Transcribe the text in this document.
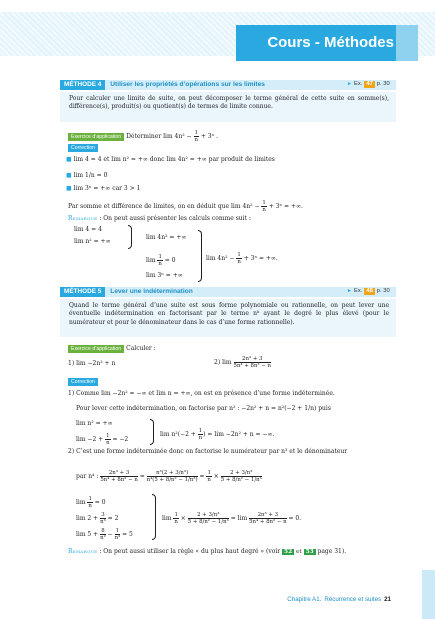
Cours - Méthodes
MÉTHODE 4	Utiliser les propriétés d’opérations sur les limites	► Ex. 47 p. 30
Pour calculer une limite de suite, on peut décomposer le terme général de cette suite en somme(s), différence(s), produit(s) ou quotient(s) de termes de limite connue.
Exercice d’application Déterminer $\lim 4n^2 - \frac{1}{n} + 3^n$ .
Correction
■ lim 4 = 4 et lim n² = +∞ donc lim 4n² = +∞ par produit de limites
■ lim 1/n = 0
■ lim 3ⁿ = +∞ car 3 > 1
Par somme et différence de limites, on en déduit que $\lim 4n^2 - \frac{1}{n} + 3^n$ = +∞.
Remarque : On peut aussi présenter les calculs comme suit :
lim 4 = 4
lim n² = +∞
lim 4n² = +∞
$\lim \frac{1}{n} = 0$
lim 3ⁿ = +∞
$\lim 4n^2 - \frac{1}{n} + 3^n$ = +∞.
MÉTHODE 5	Lever une indétermination	► Ex. 48 p. 30
Quand le terme général d’une suite est sous forme polynomiale ou rationnelle, on peut lever une éventuelle indétermination en factorisant par le terme nᵏ ayant le degré le plus élevé (pour le numérateur et pour le dénominateur dans le cas d’une forme rationnelle).
Exercice d’application Calculer :
1) lim −2n² + n	2) $\lim \frac{\text{2n³ + 3}}{\text{5n⁴ + 8n² − n}}$
Correction
1) Comme lim −2n² = −∞ et lim n = +∞, on est en présence d’une forme indéterminée.
Pour lever cette indétermination, on factorise par n² : −2n² + n = n²(−2 + 1/n) puis
lim n² = +∞
$\lim -2 + \frac{1}{n} = -2$
$\lim n^2(-2 + \frac{1}{n}$ ) = lim −2n² + n = −∞.
2) C’est une forme indéterminée donc on factorise le numérateur par n³ et le dénominateur
par n⁴ : $\frac{\text{2n³ + 3}}{\text{5n⁴ + 8n² − n}} = \frac{\text{n³(2 + 3/n³)}}{\text{n⁴(5 + 8/n² − 1/n³)}} = \frac{1}{n} \times \frac{\text{2 + 3/n³}}{\text{5 + 8/n² − 1/n³}}$
$\lim \frac{1}{n} = 0$
$\lim 2 + \frac{3}{\text{n³}} = 2$
$\lim 5 + \frac{8}{\text{n²}} - \frac{1}{\text{n³}} = 5$
$\lim \frac{1}{n} \times \frac{\text{2 + 3/n³}}{\text{5 + 8/n² − 1/n³}} = \lim \frac{\text{2n³ + 3}}{\text{5n⁴ + 8n² − n}} = 0$.
Remarque : On peut aussi utiliser la règle « du plus haut degré » (voir 52 et 53 page 31).
Chapitre A1. Récurrence et suites 21
